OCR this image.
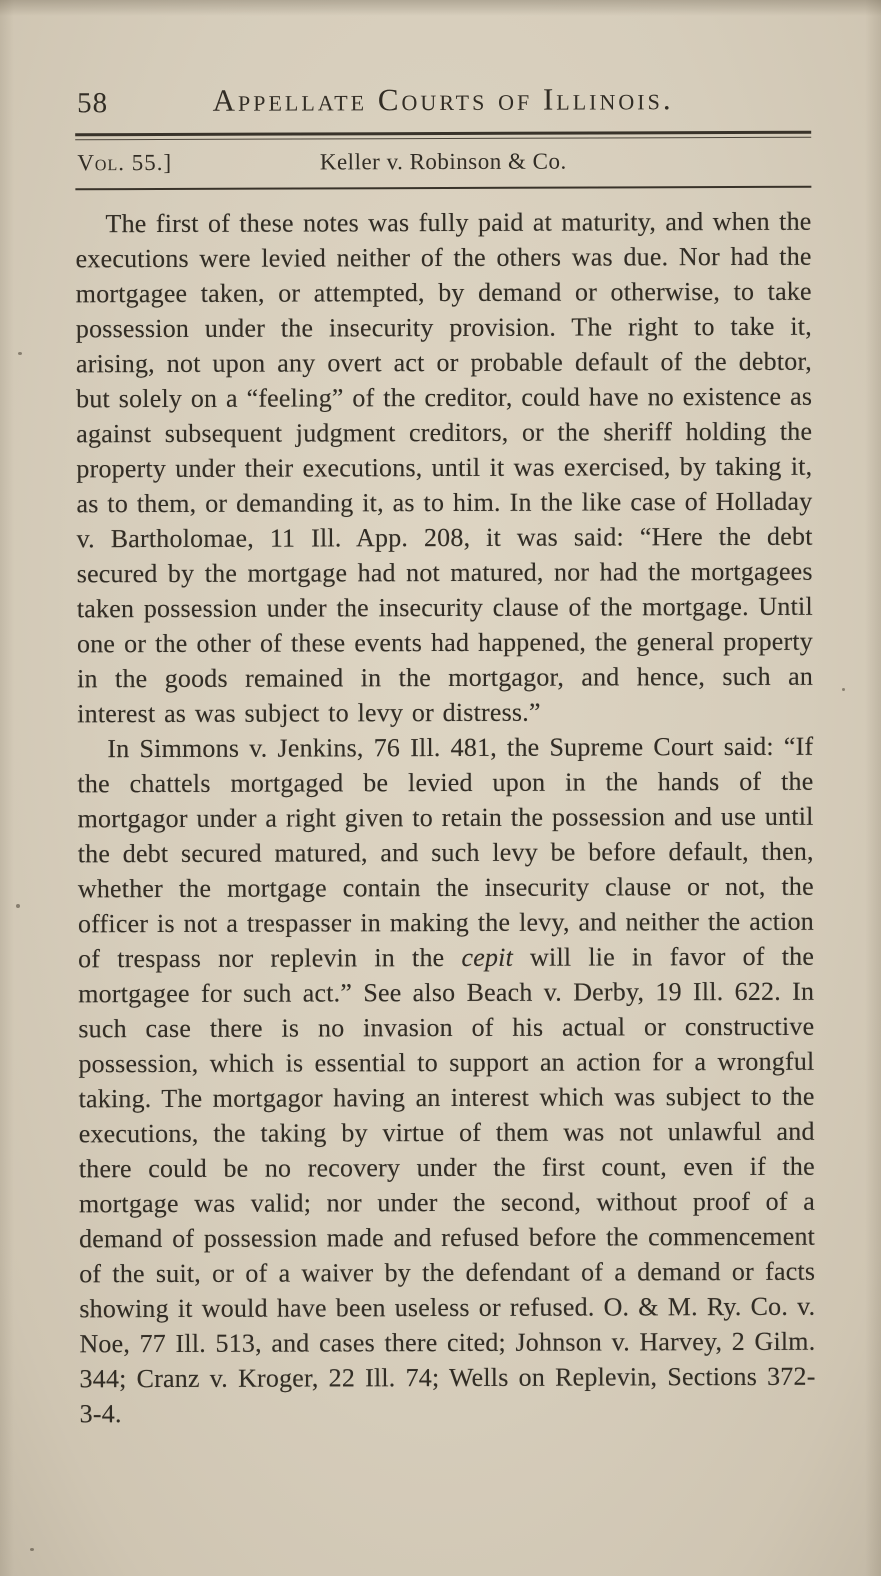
58	Appellate Courts of Illinois.
Vol. 55.]	Keller v. Robinson & Co.

The first of these notes was fully paid at maturity, and when the executions were levied neither of the others was due. Nor had the mortgagee taken, or attempted, by demand or otherwise, to take possession under the insecurity provision. The right to take it, arising, not upon any overt act or probable default of the debtor, but solely on a “feeling” of the creditor, could have no existence as against subsequent judgment creditors, or the sheriff holding the property under their executions, until it was exercised, by taking it, as to them, or demanding it, as to him. In the like case of Holladay v. Bartholomae, 11 Ill. App. 208, it was said: “Here the debt secured by the mortgage had not matured, nor had the mortgagees taken possession under the insecurity clause of the mortgage. Until one or the other of these events had happened, the general property in the goods remained in the mortgagor, and hence, such an interest as was subject to levy or distress.”

In Simmons v. Jenkins, 76 Ill. 481, the Supreme Court said: “If the chattels mortgaged be levied upon in the hands of the mortgagor under a right given to retain the possession and use until the debt secured matured, and such levy be before default, then, whether the mortgage contain the insecurity clause or not, the officer is not a trespasser in making the levy, and neither the action of trespass nor replevin in the cepit will lie in favor of the mortgagee for such act.” See also Beach v. Derby, 19 Ill. 622. In such case there is no invasion of his actual or constructive possession, which is essential to support an action for a wrongful taking. The mortgagor having an interest which was subject to the executions, the taking by virtue of them was not unlawful and there could be no recovery under the first count, even if the mortgage was valid; nor under the second, without proof of a demand of possession made and refused before the commencement of the suit, or of a waiver by the defendant of a demand or facts showing it would have been useless or refused. O. & M. Ry. Co. v. Noe, 77 Ill. 513, and cases there cited; Johnson v. Harvey, 2 Gilm. 344; Cranz v. Kroger, 22 Ill. 74; Wells on Replevin, Sections 372-3-4.
